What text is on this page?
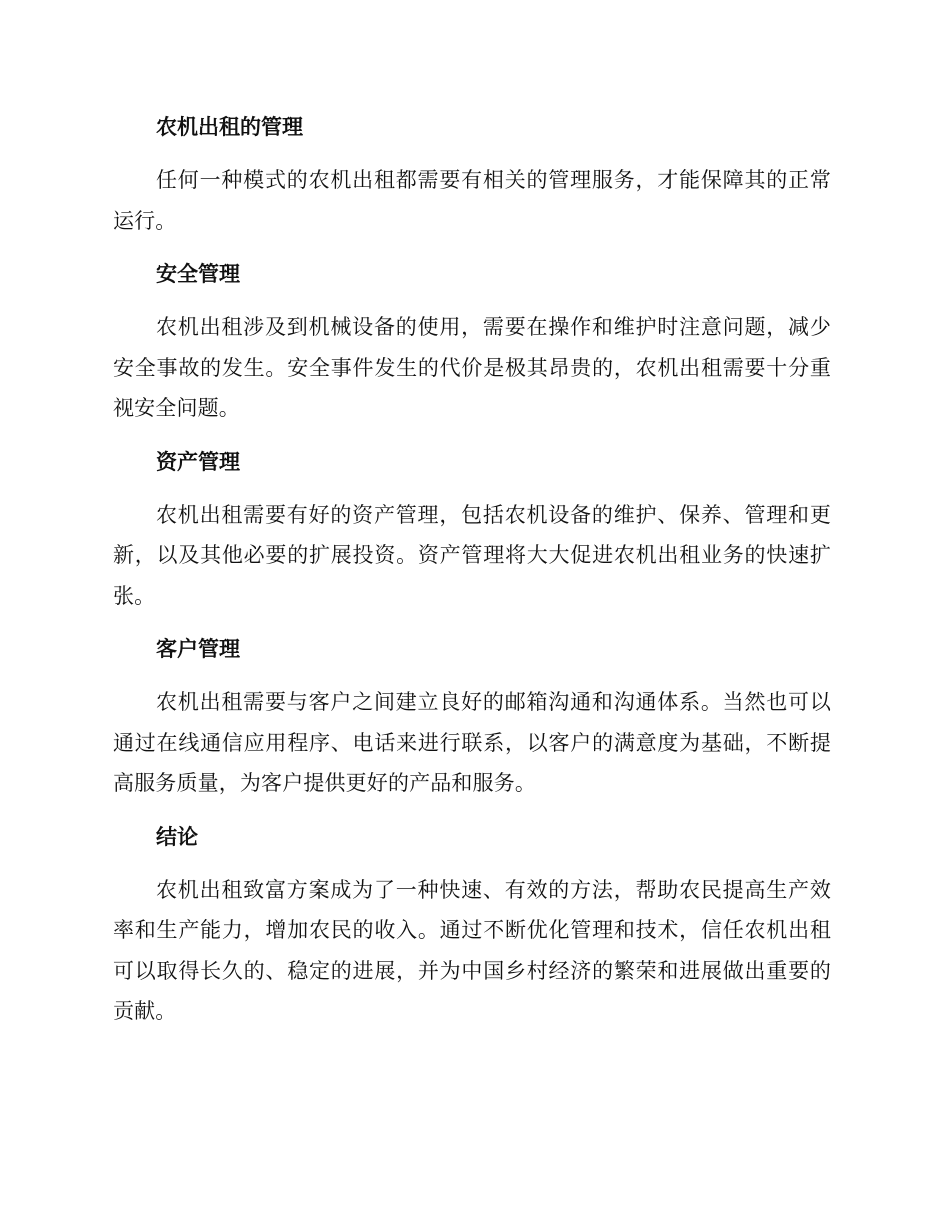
农机出租的管理

任何一种模式的农机出租都需要有相关的管理服务，才能保障其的正常运行。

安全管理

农机出租涉及到机械设备的使用，需要在操作和维护时注意问题，减少安全事故的发生。安全事件发生的代价是极其昂贵的，农机出租需要十分重视安全问题。

资产管理

农机出租需要有好的资产管理，包括农机设备的维护、保养、管理和更新，以及其他必要的扩展投资。资产管理将大大促进农机出租业务的快速扩张。

客户管理

农机出租需要与客户之间建立良好的邮箱沟通和沟通体系。当然也可以通过在线通信应用程序、电话来进行联系，以客户的满意度为基础，不断提高服务质量，为客户提供更好的产品和服务。

结论

农机出租致富方案成为了一种快速、有效的方法，帮助农民提高生产效率和生产能力，增加农民的收入。通过不断优化管理和技术，信任农机出租可以取得长久的、稳定的进展，并为中国乡村经济的繁荣和进展做出重要的贡献。
